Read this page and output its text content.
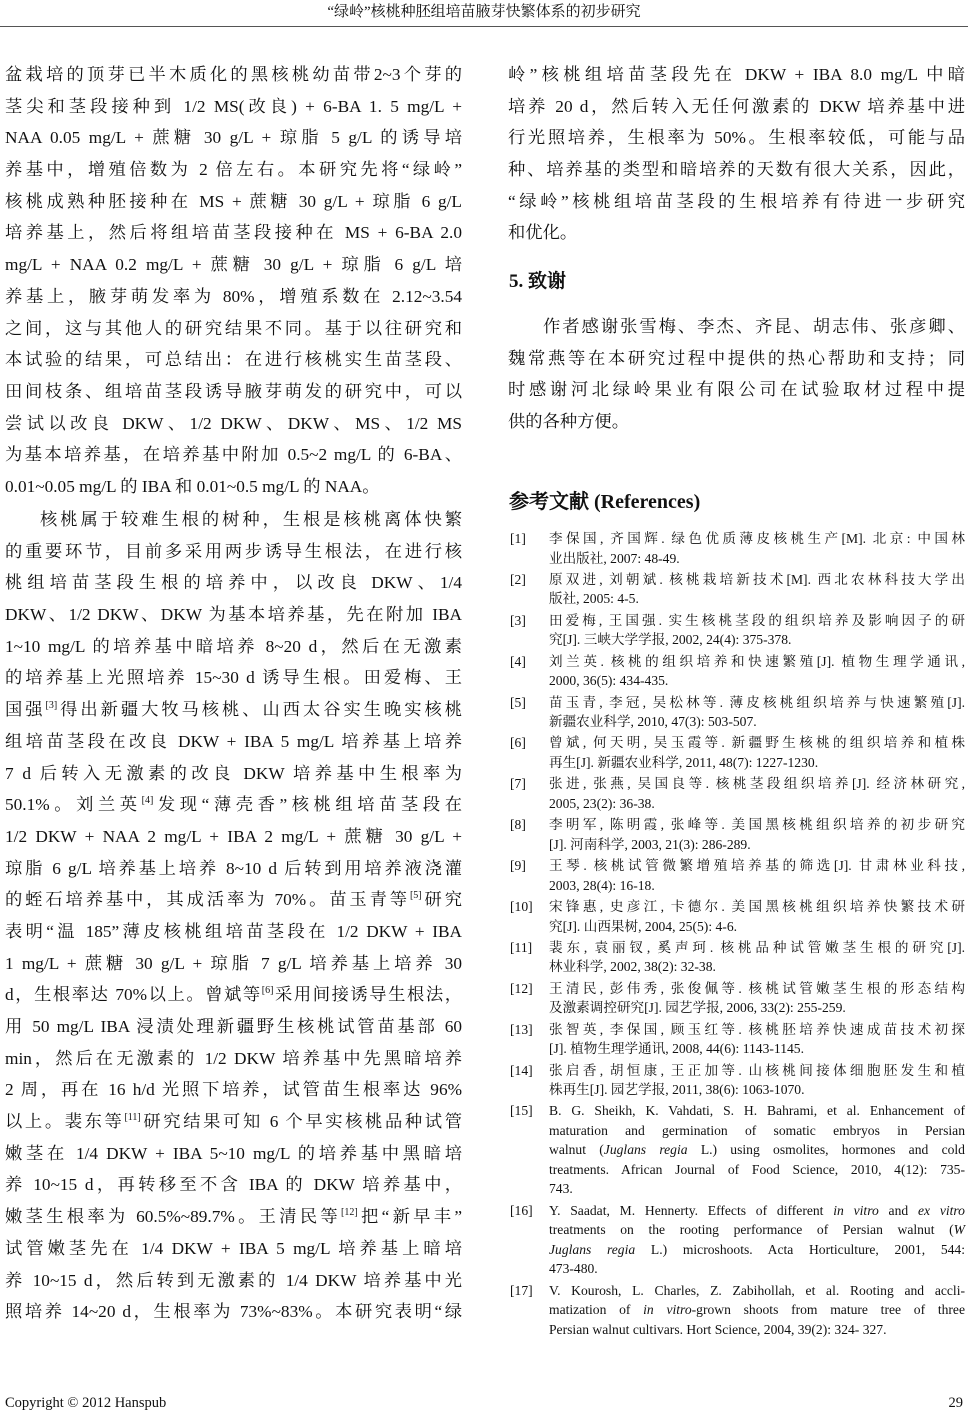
“绿岭”核桃种胚组培苗腋芽快繁体系的初步研究
盆栽培的顶芽已半木质化的黑核桃幼苗带2~3个芽的
茎尖和茎段接种到 1/2 MS(改良) + 6-BA 1. 5 mg/L +
NAA 0.05 mg/L + 蔗糖 30 g/L + 琼脂 5 g/L 的诱导培
养基中，增殖倍数为 2 倍左右。本研究先将“绿岭”
核桃成熟种胚接种在 MS + 蔗糖 30 g/L + 琼脂 6 g/L
培养基上，然后将组培苗茎段接种在 MS + 6-BA 2.0
mg/L + NAA 0.2 mg/L + 蔗糖 30 g/L + 琼脂 6 g/L 培
养基上，腋芽萌发率为 80%，增殖系数在 2.12~3.54
之间，这与其他人的研究结果不同。基于以往研究和
本试验的结果，可总结出：在进行核桃实生苗茎段、
田间枝条、组培苗茎段诱导腋芽萌发的研究中，可以
尝试以改良 DKW、1/2 DKW、DKW、MS、1/2 MS
为基本培养基，在培养基中附加 0.5~2 mg/L 的 6-BA、
0.01~0.05 mg/L 的 IBA 和 0.01~0.5 mg/L 的 NAA。
核桃属于较难生根的树种，生根是核桃离体快繁
的重要环节，目前多采用两步诱导生根法，在进行核
桃组培苗茎段生根的培养中，以改良 DKW、1/4
DKW、1/2 DKW、DKW 为基本培养基，先在附加 IBA
1~10 mg/L 的培养基中暗培养 8~20 d，然后在无激素
的培养基上光照培养 15~30 d 诱导生根。田爱梅、王
国强[3]得出新疆大牧马核桃、山西太谷实生晚实核桃
组培苗茎段在改良 DKW + IBA 5 mg/L 培养基上培养
7 d 后转入无激素的改良 DKW 培养基中生根率为
50.1%。刘兰英[4]发现“薄壳香”核桃组培苗茎段在
1/2 DKW + NAA 2 mg/L + IBA 2 mg/L + 蔗糖 30 g/L +
琼脂 6 g/L 培养基上培养 8~10 d 后转到用培养液浇灌
的蛭石培养基中，其成活率为 70%。苗玉青等[5]研究
表明“温 185”薄皮核桃组培苗茎段在 1/2 DKW + IBA
1 mg/L + 蔗糖 30 g/L + 琼脂 7 g/L 培养基上培养 30
d，生根率达 70%以上。曾斌等[6]采用间接诱导生根法，
用 50 mg/L IBA 浸渍处理新疆野生核桃试管苗基部 60
min，然后在无激素的 1/2 DKW 培养基中先黑暗培养
2 周，再在 16 h/d 光照下培养，试管苗生根率达 96%
以上。裴东等[11]研究结果可知 6 个早实核桃品种试管
嫩茎在 1/4 DKW + IBA 5~10 mg/L 的培养基中黑暗培
养 10~15 d，再转移至不含 IBA 的 DKW 培养基中，
嫩茎生根率为 60.5%~89.7%。王清民等[12]把“新早丰”
试管嫩茎先在 1/4 DKW + IBA 5 mg/L 培养基上暗培
养 10~15 d，然后转到无激素的 1/4 DKW 培养基中光
照培养 14~20 d，生根率为 73%~83%。本研究表明“绿
岭”核桃组培苗茎段先在 DKW + IBA 8.0 mg/L 中暗
培养 20 d，然后转入无任何激素的 DKW 培养基中进
行光照培养，生根率为 50%。生根率较低，可能与品
种、培养基的类型和暗培养的天数有很大关系，因此，
“绿岭”核桃组培苗茎段的生根培养有待进一步研究
和优化。
5. 致谢
作者感谢张雪梅、李杰、齐昆、胡志伟、张彦卿、
魏常燕等在本研究过程中提供的热心帮助和支持；同
时感谢河北绿岭果业有限公司在试验取材过程中提
供的各种方便。
参考文献 (References)
[1] 李保国, 齐国辉. 绿色优质薄皮核桃生产[M]. 北京: 中国林
业出版社, 2007: 48-49.
[2] 原双进, 刘朝斌. 核桃栽培新技术[M]. 西北农林科技大学出
版社, 2005: 4-5.
[3] 田爱梅, 王国强. 实生核桃茎段的组织培养及影响因子的研
究[J]. 三峡大学学报, 2002, 24(4): 375-378.
[4] 刘兰英. 核桃的组织培养和快速繁殖[J]. 植物生理学通讯,
2000, 36(5): 434-435.
[5] 苗玉青, 李冠, 吴松林等. 薄皮核桃组织培养与快速繁殖[J].
新疆农业科学, 2010, 47(3): 503-507.
[6] 曾斌, 何天明, 吴玉霞等. 新疆野生核桃的组织培养和植株
再生[J]. 新疆农业科学, 2011, 48(7): 1227-1230.
[7] 张进, 张燕, 吴国良等. 核桃茎段组织培养[J]. 经济林研究,
2005, 23(2): 36-38.
[8] 李明军, 陈明霞, 张峰等. 美国黑核桃组织培养的初步研究
[J]. 河南科学, 2003, 21(3): 286-289.
[9] 王琴. 核桃试管微繁增殖培养基的筛选[J]. 甘肃林业科技,
2003, 28(4): 16-18.
[10] 宋锋惠, 史彦江, 卡德尔. 美国黑核桃组织培养快繁技术研
究[J]. 山西果树, 2004, 25(5): 4-6.
[11] 裴东, 袁丽钗, 奚声珂. 核桃品种试管嫩茎生根的研究[J].
林业科学, 2002, 38(2): 32-38.
[12] 王清民, 彭伟秀, 张俊佩等. 核桃试管嫩茎生根的形态结构
及激素调控研究[J]. 园艺学报, 2006, 33(2): 255-259.
[13] 张智英, 李保国, 顾玉红等. 核桃胚培养快速成苗技术初探
[J]. 植物生理学通讯, 2008, 44(6): 1143-1145.
[14] 张启香, 胡恒康, 王正加等. 山核桃间接体细胞胚发生和植
株再生[J]. 园艺学报, 2011, 38(6): 1063-1070.
[15] B. G. Sheikh, K. Vahdati, S. H. Bahrami, et al. Enhancement of
maturation and germination of somatic embryos in Persian
walnut (Juglans regia L.) using osmolites, hormones and cold
treatments. African Journal of Food Science, 2010, 4(12): 735-
743.
[16] Y. Saadat, M. Hennerty. Effects of different in vitro and ex vitro
treatments on the rooting performance of Persian walnut (W
Juglans regia L.) microshoots. Acta Horticulture, 2001, 544:
473-480.
[17] V. Kourosh, L. Charles, Z. Zabihollah, et al. Rooting and accli-
matization of in vitro-grown shoots from mature tree of three
Persian walnut cultivars. Hort Science, 2004, 39(2): 324- 327.
Copyright © 2012 Hanspub	29
